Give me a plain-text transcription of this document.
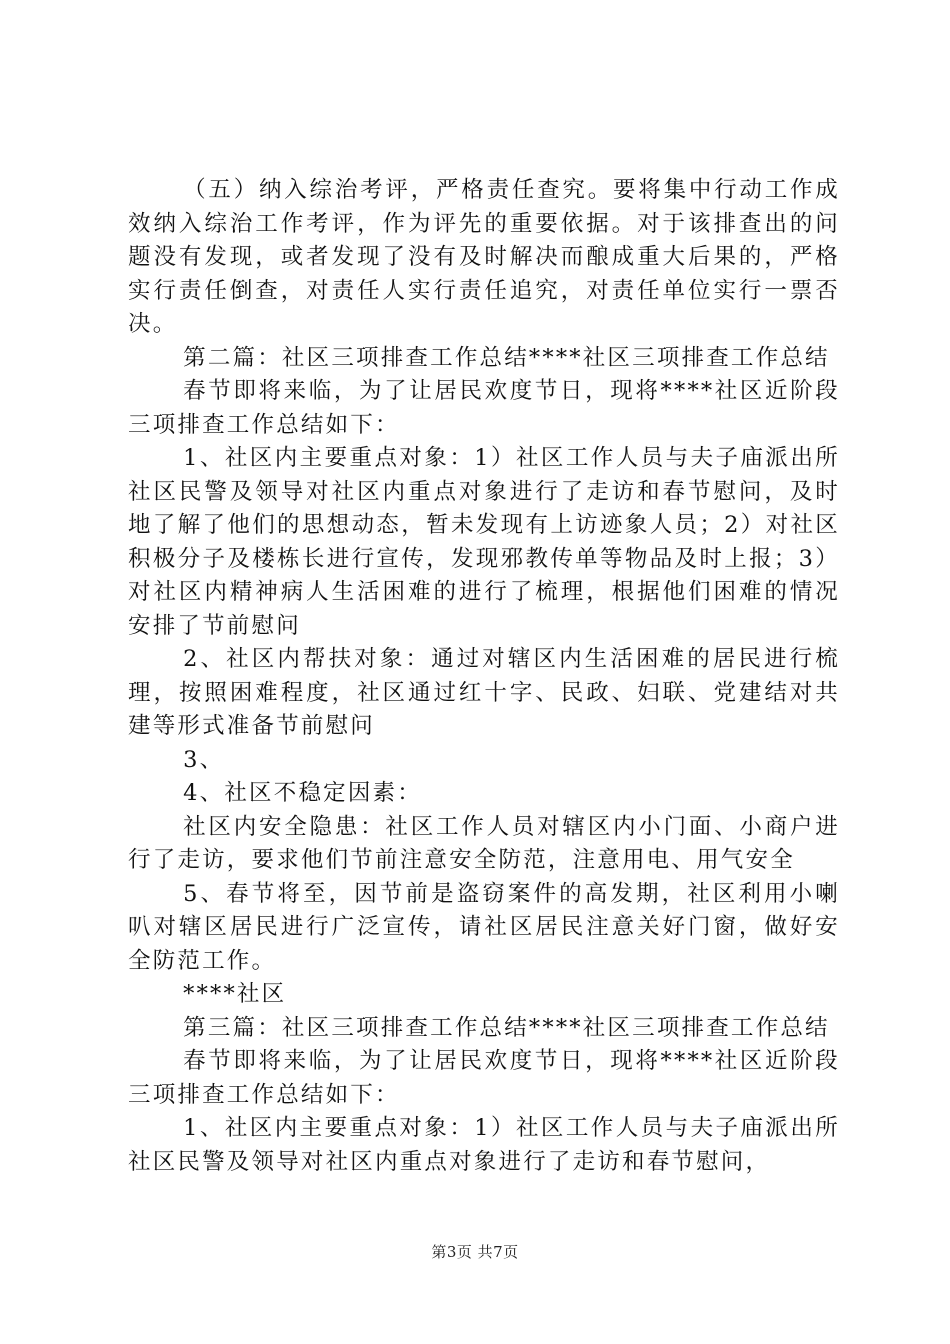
（五）纳入综治考评，严格责任查究。要将集中行动工作成效纳入综治工作考评，作为评先的重要依据。对于该排查出的问题没有发现，或者发现了没有及时解决而酿成重大后果的，严格实行责任倒查，对责任人实行责任追究，对责任单位实行一票否决。

第二篇：社区三项排查工作总结****社区三项排查工作总结

春节即将来临，为了让居民欢度节日，现将****社区近阶段三项排查工作总结如下：

1、社区内主要重点对象：1）社区工作人员与夫子庙派出所社区民警及领导对社区内重点对象进行了走访和春节慰问，及时地了解了他们的思想动态，暂未发现有上访迹象人员；2）对社区积极分子及楼栋长进行宣传，发现邪教传单等物品及时上报；3）对社区内精神病人生活困难的进行了梳理，根据他们困难的情况安排了节前慰问

2、社区内帮扶对象：通过对辖区内生活困难的居民进行梳理，按照困难程度，社区通过红十字、民政、妇联、党建结对共建等形式准备节前慰问

3、

4、社区不稳定因素：

社区内安全隐患：社区工作人员对辖区内小门面、小商户进行了走访，要求他们节前注意安全防范，注意用电、用气安全

5、春节将至，因节前是盗窃案件的高发期，社区利用小喇叭对辖区居民进行广泛宣传，请社区居民注意关好门窗，做好安全防范工作。

****社区

第三篇：社区三项排查工作总结****社区三项排查工作总结

春节即将来临，为了让居民欢度节日，现将****社区近阶段三项排查工作总结如下：

1、社区内主要重点对象：1）社区工作人员与夫子庙派出所社区民警及领导对社区内重点对象进行了走访和春节慰问，

第3页 共7页
